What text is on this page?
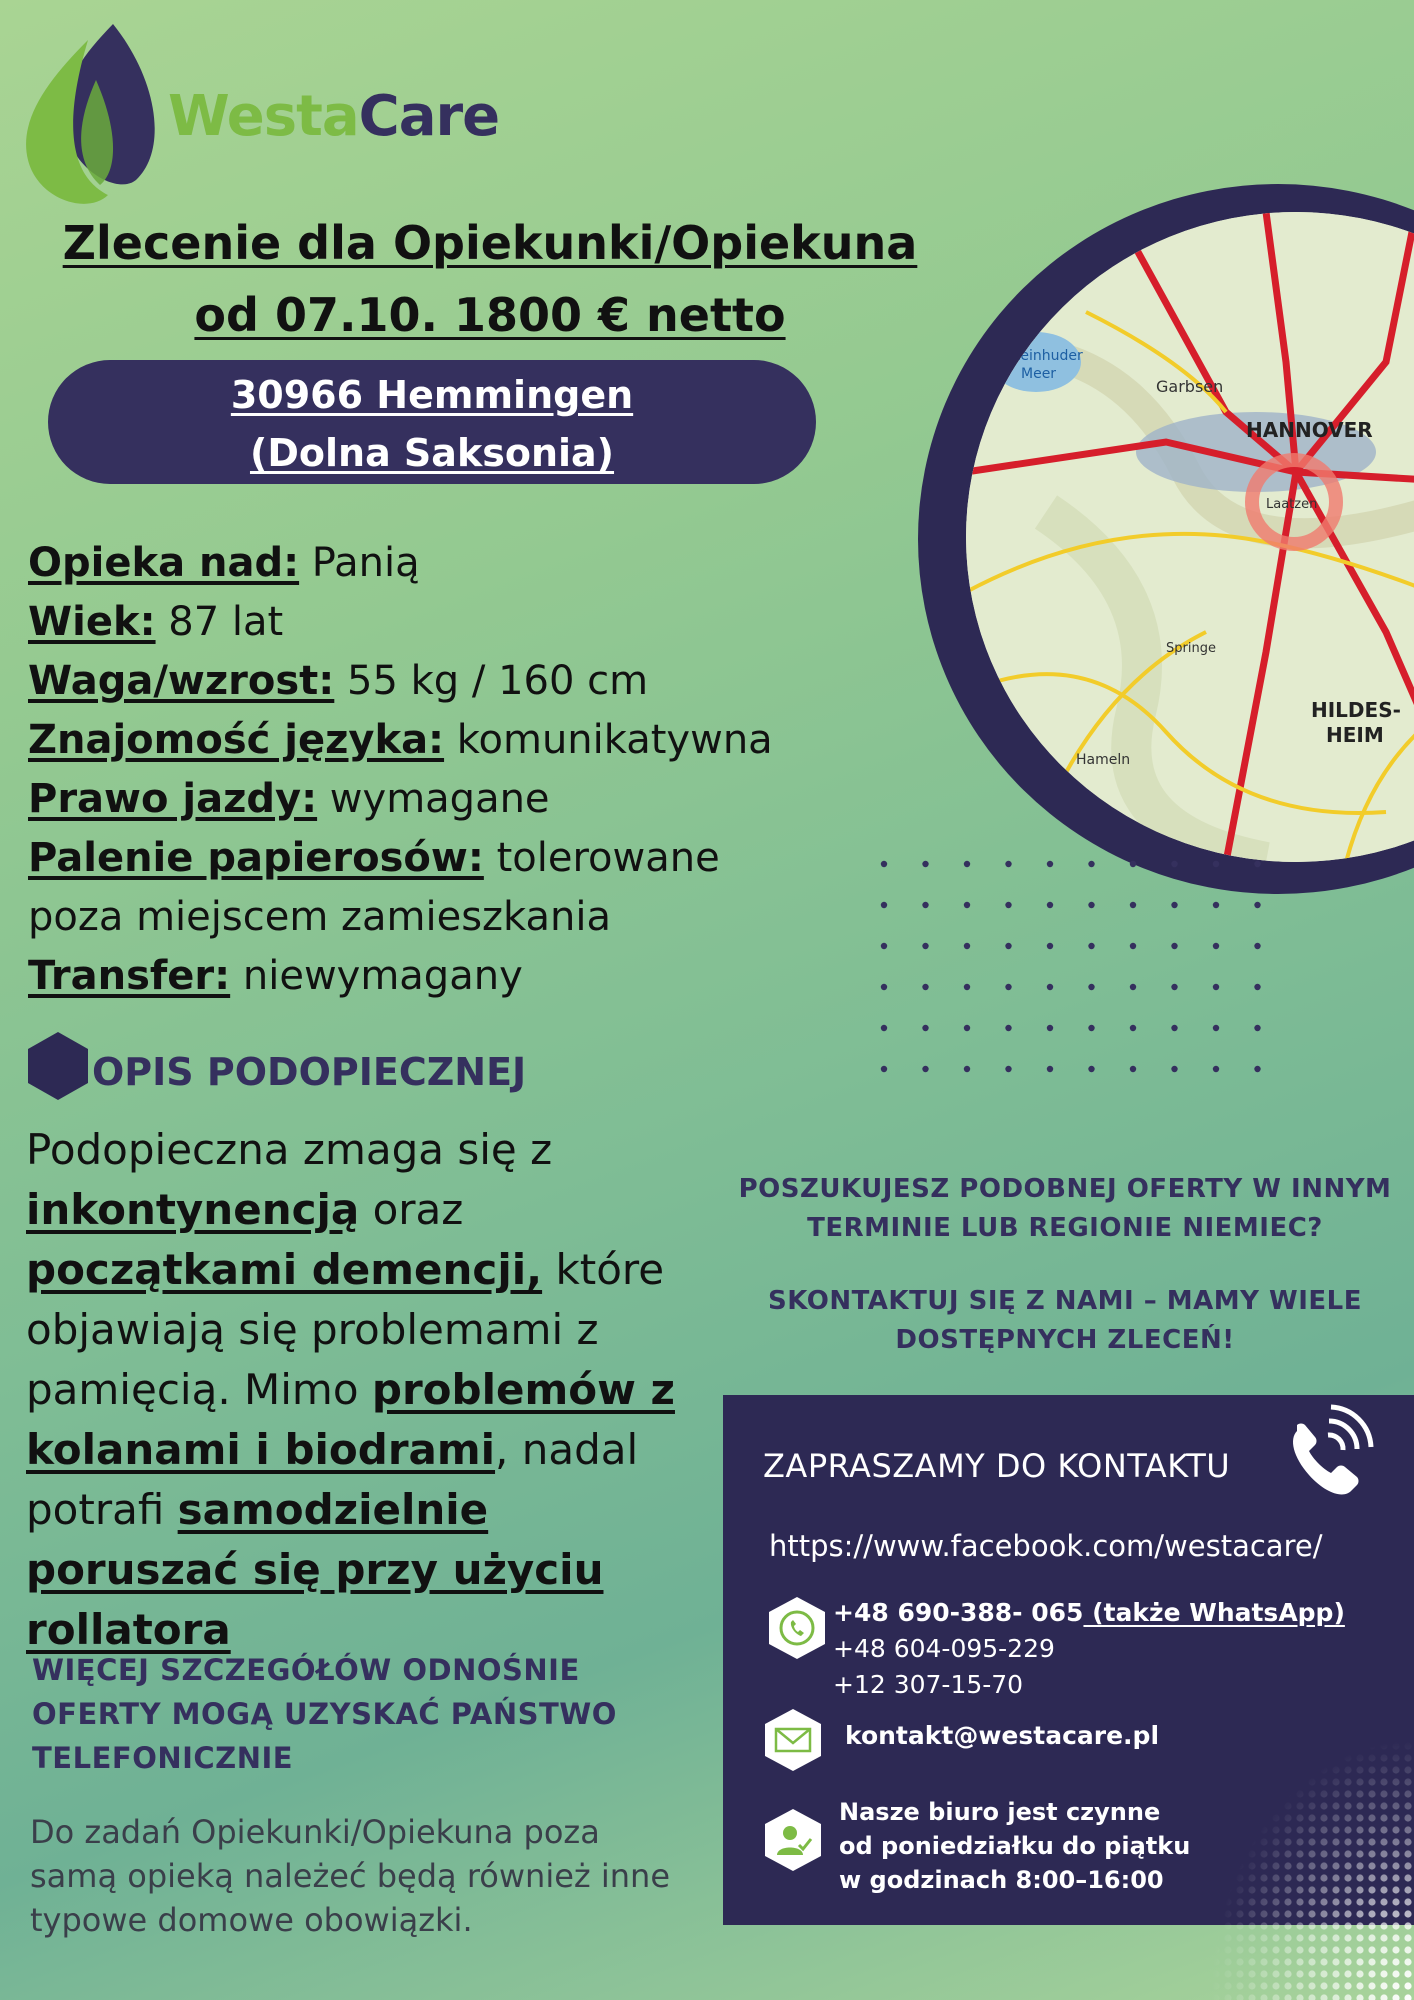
WestaCare
Zlecenie dla Opiekunki/Opiekuna
od 07.10. 1800 € netto
30966 Hemmingen
(Dolna Saksonia)
Opieka nad: Panią
Wiek: 87 lat
Waga/wzrost: 55 kg / 160 cm
Znajomość języka: komunikatywna
Prawo jazdy: wymagane
Palenie papierosów: tolerowane
poza miejscem zamieszkania
Transfer: niewymagany
OPIS PODOPIECZNEJ
Podopieczna zmaga się z inkontynencją oraz początkami demencji, które objawiają się problemami z pamięcią. Mimo problemów z kolanami i biodrami, nadal potrafi samodzielnie poruszać się przy użyciu rollatora
WIĘCEJ SZCZEGÓŁÓW ODNOŚNIE OFERTY MOGĄ UZYSKAĆ PAŃSTWO TELEFONICZNIE
Do zadań Opiekunki/Opiekuna poza samą opieką należeć będą również inne typowe domowe obowiązki.
HANNOVER
HILDES-
HEIM
Steinhuder
Meer
Garbsen
Laatzen
Hameln
Springe

POSZUKUJESZ PODOBNEJ OFERTY W INNYM TERMINIE LUB REGIONIE NIEMIEC?

SKONTAKTUJ SIĘ Z NAMI – MAMY WIELE DOSTĘPNYCH ZLECEŃ!

ZAPRASZAMY DO KONTAKTU
https://www.facebook.com/westacare/
+48 690-388- 065 (także WhatsApp)
+48 604-095-229
+12 307-15-70
kontakt@westacare.pl
Nasze biuro jest czynne od poniedziałku do piątku w godzinach 8:00–16:00
